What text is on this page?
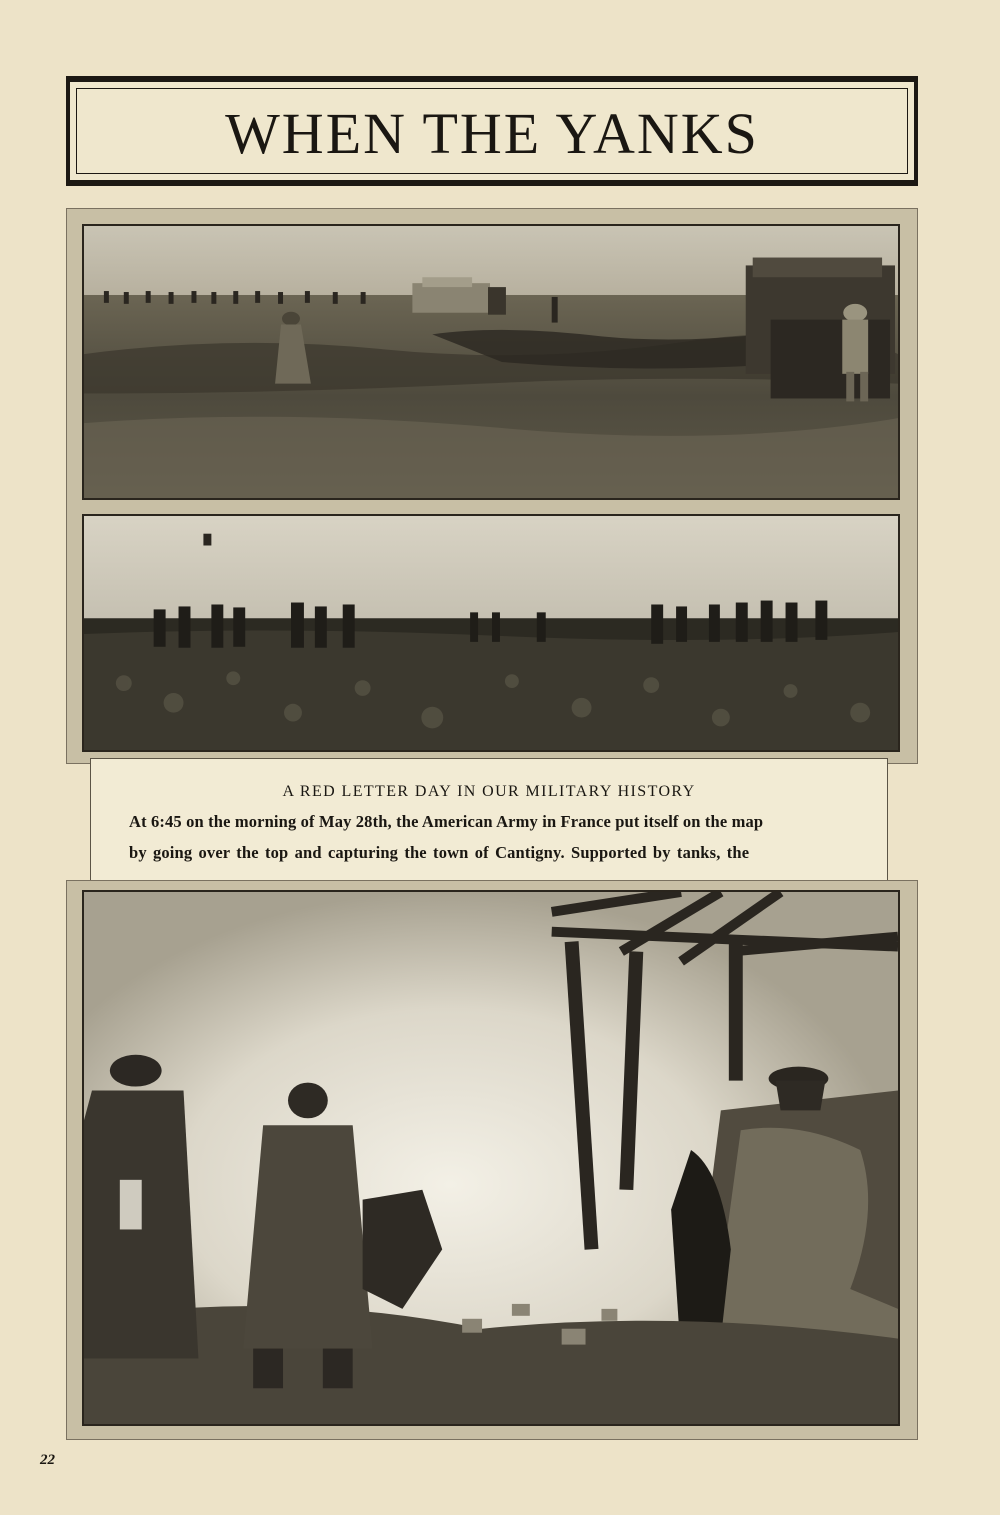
WHEN THE YANKS
A RED LETTER DAY IN OUR MILITARY HISTORY
At 6:45 on the morning of May 28th, the American Army in France put itself on the map
by going over the top and capturing the town of Cantigny. Supported by tanks, the
22
